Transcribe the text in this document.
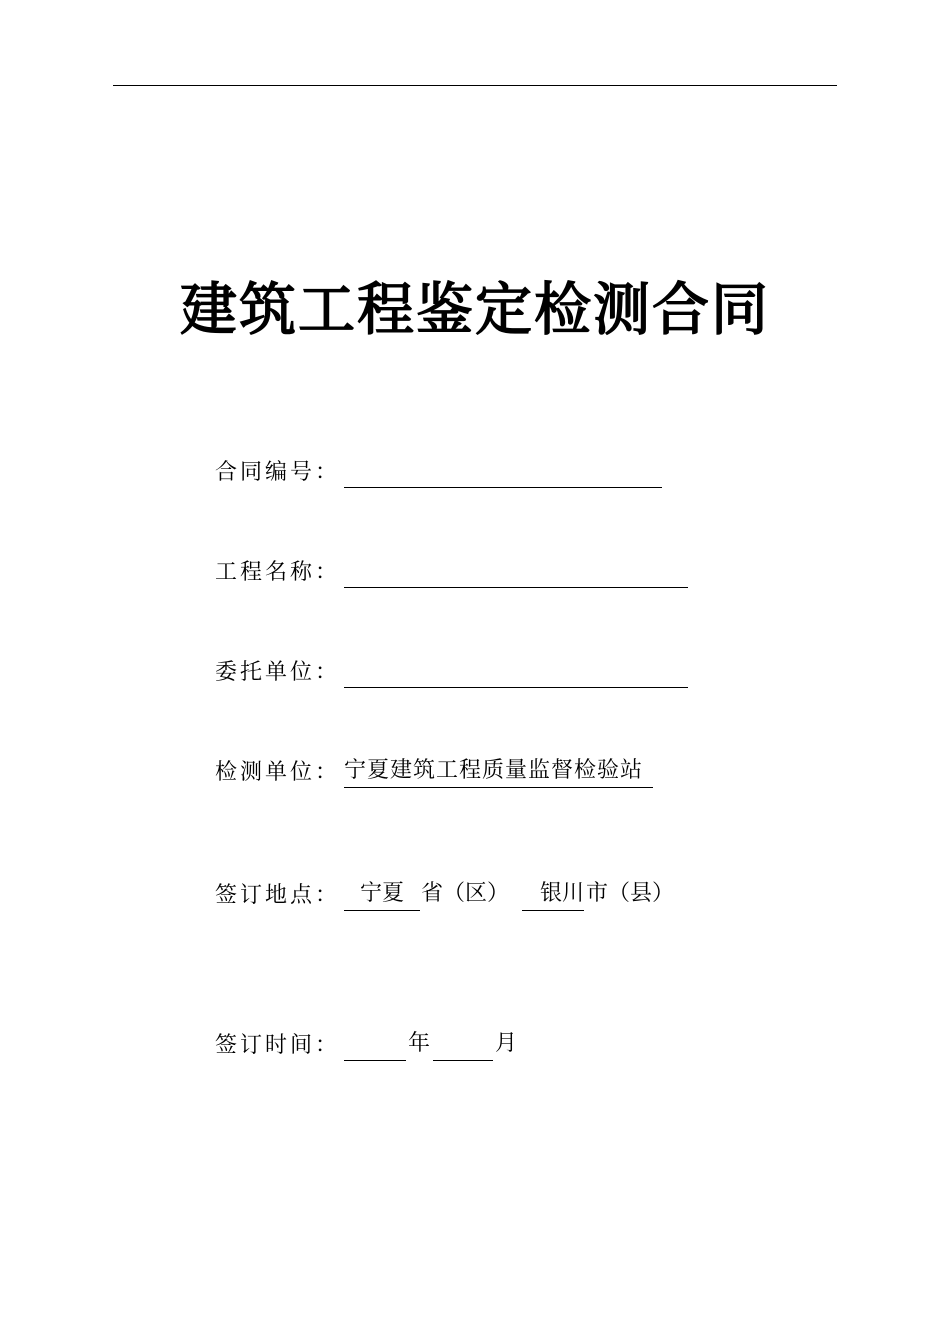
建筑工程鉴定检测合同
合同编号：
工程名称：
委托单位：
检测单位： 宁夏建筑工程质量监督检验站
签订地点： 宁夏 省（区）	银川 市（县）
签订时间：	年	月
